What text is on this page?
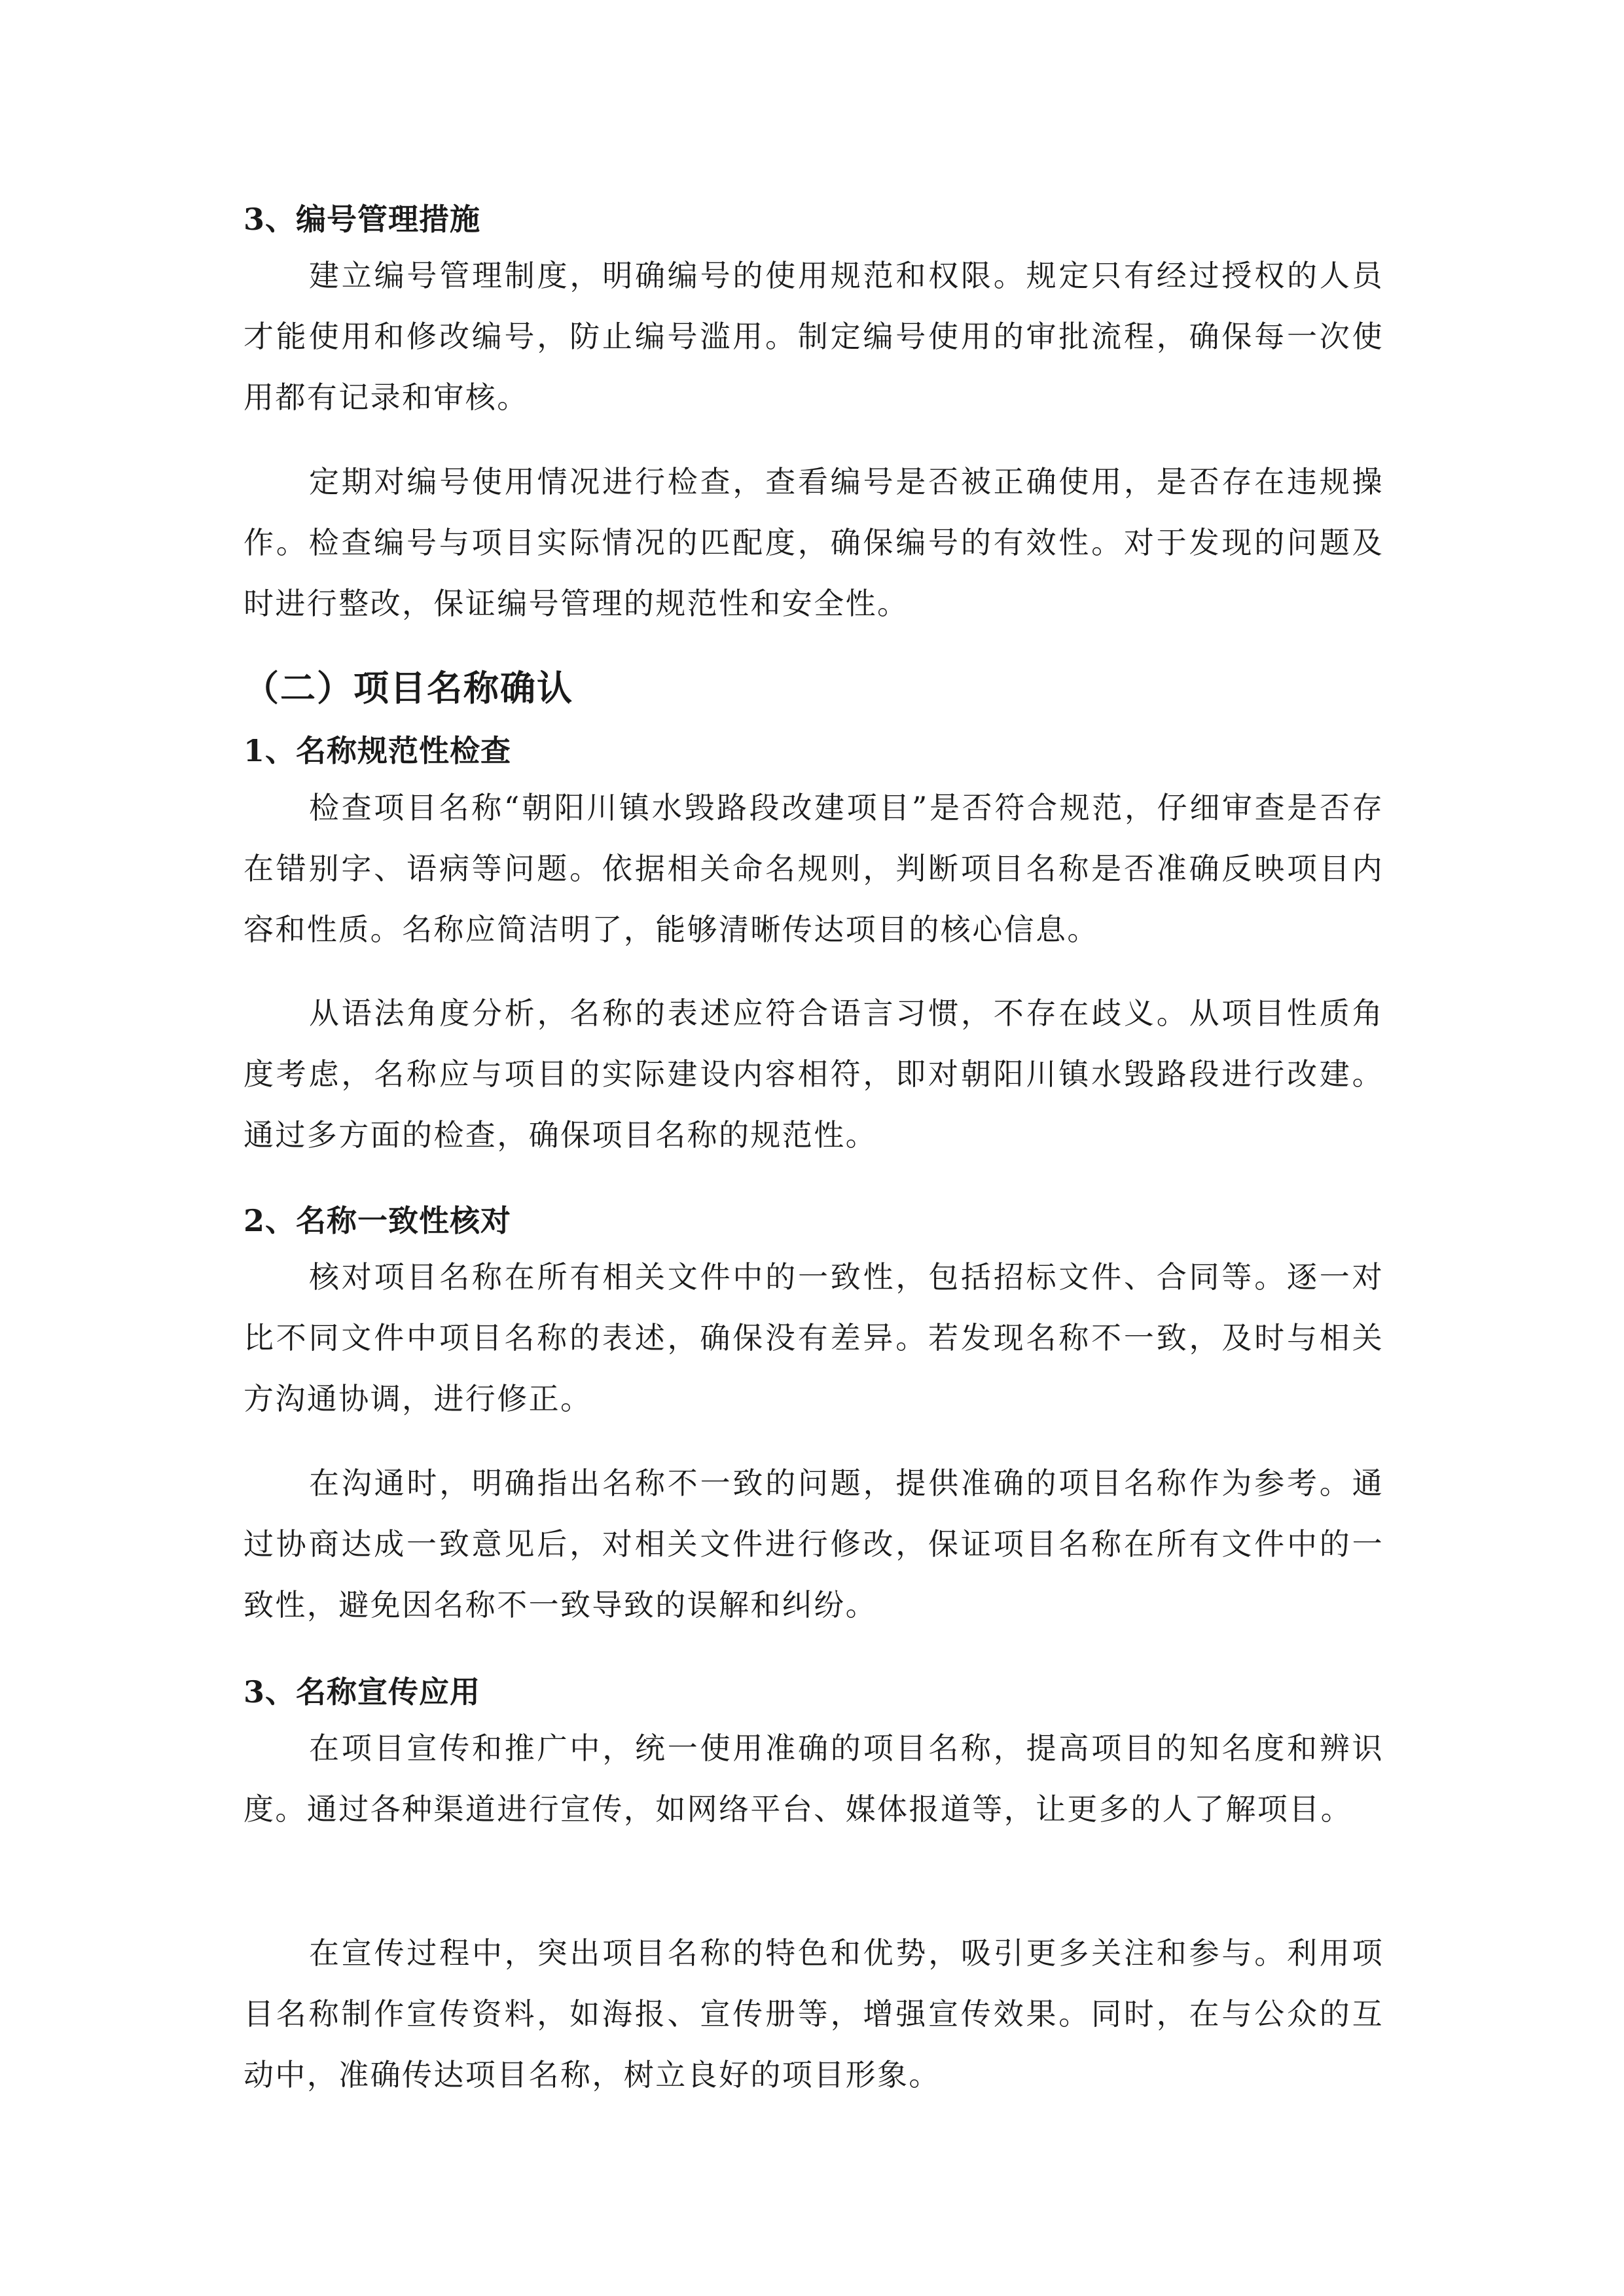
3、编号管理措施

建立编号管理制度，明确编号的使用规范和权限。规定只有经过授权的人员才能使用和修改编号，防止编号滥用。制定编号使用的审批流程，确保每一次使用都有记录和审核。

定期对编号使用情况进行检查，查看编号是否被正确使用，是否存在违规操作。检查编号与项目实际情况的匹配度，确保编号的有效性。对于发现的问题及时进行整改，保证编号管理的规范性和安全性。

（二）项目名称确认
1、名称规范性检查

检查项目名称“朝阳川镇水毁路段改建项目”是否符合规范，仔细审查是否存在错别字、语病等问题。依据相关命名规则，判断项目名称是否准确反映项目内容和性质。名称应简洁明了，能够清晰传达项目的核心信息。

从语法角度分析，名称的表述应符合语言习惯，不存在歧义。从项目性质角度考虑，名称应与项目的实际建设内容相符，即对朝阳川镇水毁路段进行改建。通过多方面的检查，确保项目名称的规范性。

2、名称一致性核对

核对项目名称在所有相关文件中的一致性，包括招标文件、合同等。逐一对比不同文件中项目名称的表述，确保没有差异。若发现名称不一致，及时与相关方沟通协调，进行修正。

在沟通时，明确指出名称不一致的问题，提供准确的项目名称作为参考。通过协商达成一致意见后，对相关文件进行修改，保证项目名称在所有文件中的一致性，避免因名称不一致导致的误解和纠纷。

3、名称宣传应用

在项目宣传和推广中，统一使用准确的项目名称，提高项目的知名度和辨识度。通过各种渠道进行宣传，如网络平台、媒体报道等，让更多的人了解项目。

在宣传过程中，突出项目名称的特色和优势，吸引更多关注和参与。利用项目名称制作宣传资料，如海报、宣传册等，增强宣传效果。同时，在与公众的互动中，准确传达项目名称，树立良好的项目形象。
